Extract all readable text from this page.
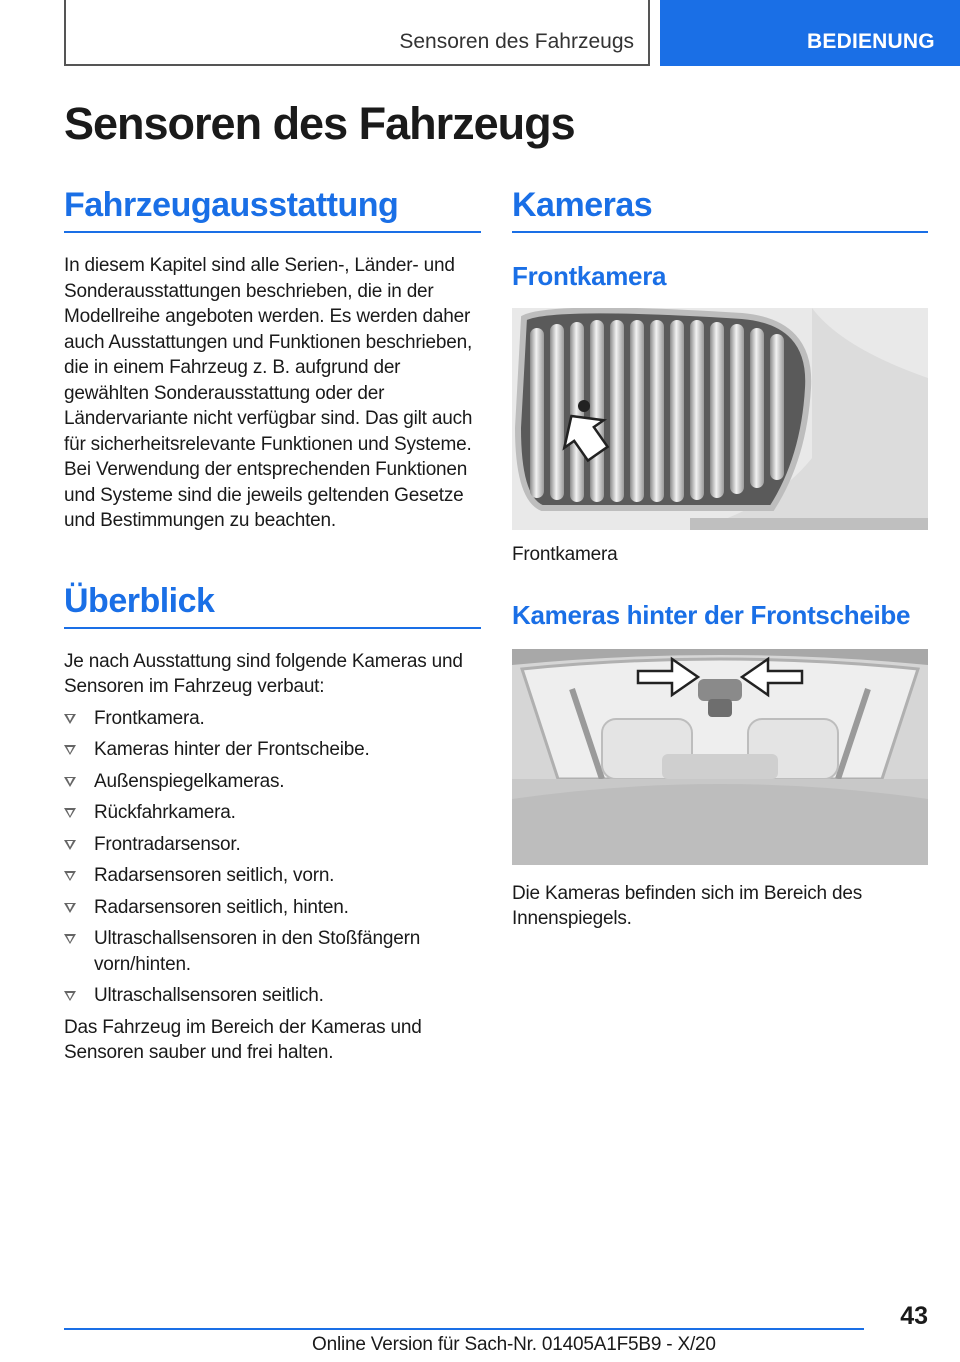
Sensoren des Fahrzeugs	BEDIENUNG
Sensoren des Fahrzeugs
Fahrzeugausstattung

In diesem Kapitel sind alle Serien-, Länder- und Sonderausstattungen beschrieben, die in der Modellreihe angeboten werden. Es werden daher auch Ausstattungen und Funktionen beschrieben, die in einem Fahrzeug z. B. aufgrund der gewählten Sonderausstattung oder der Ländervariante nicht verfügbar sind. Das gilt auch für sicherheitsrelevante Funktionen und Systeme. Bei Verwendung der entsprechenden Funktionen und Systeme sind die jeweils geltenden Gesetze und Bestimmungen zu beachten.

Überblick

Je nach Ausstattung sind folgende Kameras und Sensoren im Fahrzeug verbaut:

Frontkamera.
Kameras hinter der Frontscheibe.
Außenspiegelkameras.
Rückfahrkamera.
Frontradarsensor.
Radarsensoren seitlich, vorn.
Radarsensoren seitlich, hinten.
Ultraschallsensoren in den Stoßfängern vorn/hinten.
Ultraschallsensoren seitlich.

Das Fahrzeug im Bereich der Kameras und Sensoren sauber und frei halten.

Kameras
Frontkamera

Frontkamera

Kameras hinter der Frontscheibe

Die Kameras befinden sich im Bereich des Innenspiegels.

43
Online Version für Sach-Nr. 01405A1F5B9 - X/20
